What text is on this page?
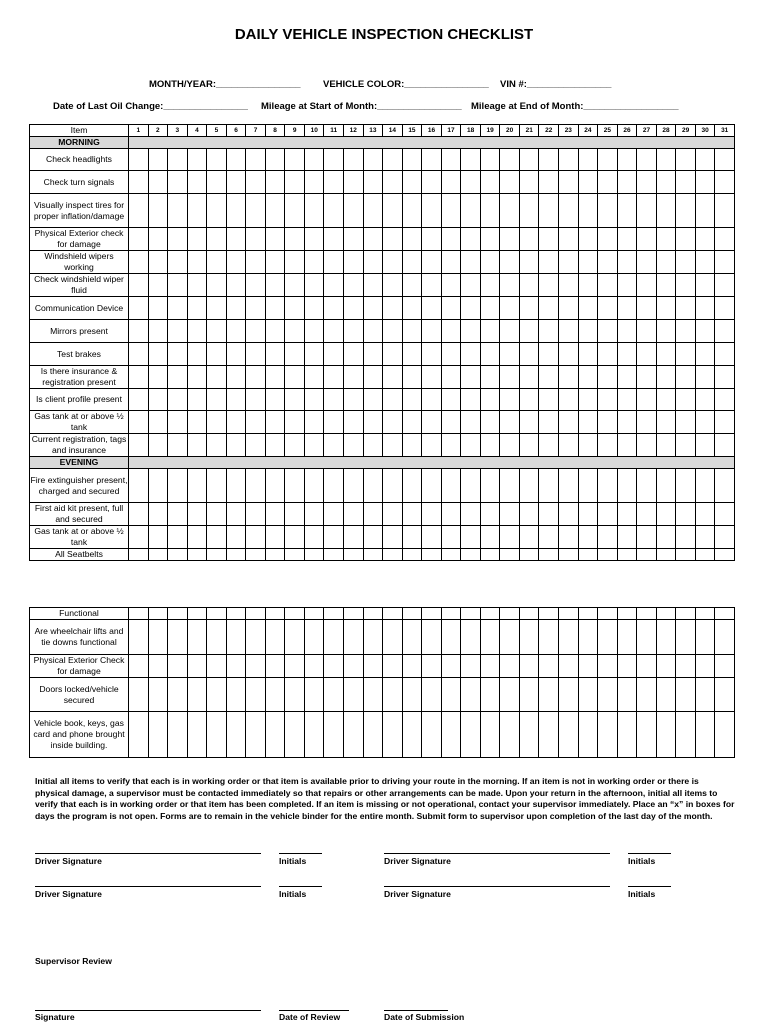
DAILY VEHICLE INSPECTION CHECKLIST
MONTH/YEAR:________________ VEHICLE COLOR:________________ VIN #:________________
Date of Last Oil Change:________________ Mileage at Start of Month:________________ Mileage at End of Month:__________________
Item	1	2	3	4	5	6	7	8	9	10	11	12	13	14	15	16	17	18	19	20	21	22	23	24	25	26	27	28	29	30	31
MORNING																															
Check headlights																															
Check turn signals																															
Visually inspect tires for proper inflation/damage																															
Physical Exterior check for damage																															
Windshield wipers working																															
Check windshield wiper fluid																															
Communication Device																															
Mirrors present																															
Test brakes																															
Is there insurance & registration present																															
Is client profile present																															
Gas tank at or above ½ tank																															
Current registration, tags and insurance																															
EVENING																															
Fire extinguisher present, charged and secured																															
First aid kit present, full and secured																															
Gas tank at or above ½ tank																															
All Seatbelts																															
Functional																															
Are wheelchair lifts and tie downs functional																															
Physical Exterior Check for damage																															
Doors locked/vehicle secured																															
Vehicle book, keys, gas card and phone brought inside building.																															
Initial all items to verify that each is in working order or that item is available prior to driving your route in the morning. If an item is not in working order or there is physical damage, a supervisor must be contacted immediately so that repairs or other arrangements can be made. Upon your return in the afternoon, initial all items to verify that each is in working order or that item has been completed. If an item is missing or not operational, contact your supervisor immediately. Place an “x” in boxes for days the program is not open. Forms are to remain in the vehicle binder for the entire month. Submit form to supervisor upon completion of the last day of the month.
Driver Signature	Initials	Driver Signature	Initials
Driver Signature	Initials	Driver Signature	Initials
Supervisor Review
Signature	Date of Review	Date of Submission
